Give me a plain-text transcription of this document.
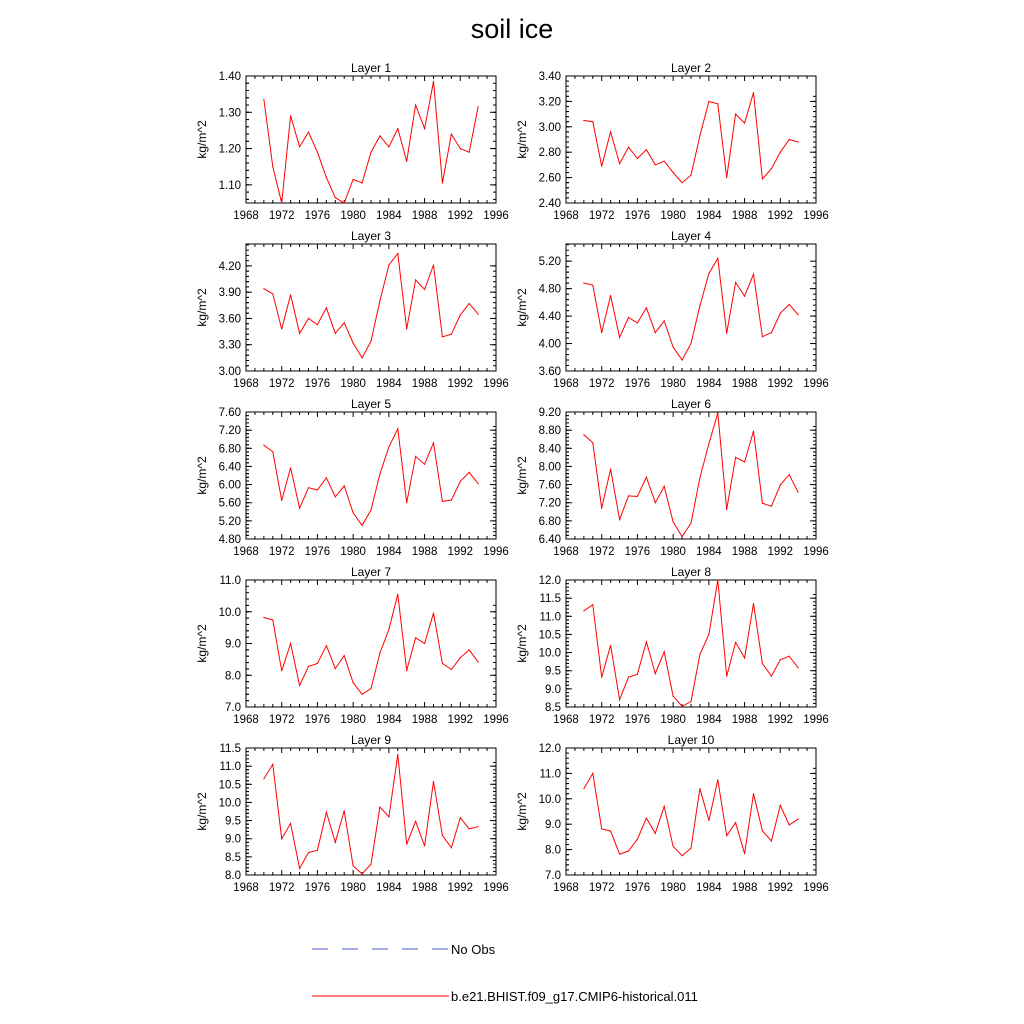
soil ice
Layer 1
kg/m^2
1968 1972 1976 1980 1984 1988 1992 1996
1.10
1.20
1.30
1.40
Layer 2
kg/m^2
1968 1972 1976 1980 1984 1988 1992 1996
2.40
2.60
2.80
3.00
3.20
3.40
Layer 3
kg/m^2
1968 1972 1976 1980 1984 1988 1992 1996
3.00
3.30
3.60
3.90
4.20
Layer 4
kg/m^2
1968 1972 1976 1980 1984 1988 1992 1996
3.60
4.00
4.40
4.80
5.20
Layer 5
kg/m^2
1968 1972 1976 1980 1984 1988 1992 1996
4.80
5.20
5.60
6.00
6.40
6.80
7.20
7.60
Layer 6
kg/m^2
1968 1972 1976 1980 1984 1988 1992 1996
6.40
6.80
7.20
7.60
8.00
8.40
8.80
9.20
Layer 7
kg/m^2
1968 1972 1976 1980 1984 1988 1992 1996
7.0
8.0
9.0
10.0
11.0
Layer 8
kg/m^2
1968 1972 1976 1980 1984 1988 1992 1996
8.5
9.0
9.5
10.0
10.5
11.0
11.5
12.0
Layer 9
kg/m^2
1968 1972 1976 1980 1984 1988 1992 1996
8.0
8.5
9.0
9.5
10.0
10.5
11.0
11.5
Layer 10
kg/m^2
1968 1972 1976 1980 1984 1988 1992 1996
7.0
8.0
9.0
10.0
11.0
12.0
No Obs
b.e21.BHIST.f09_g17.CMIP6-historical.011
